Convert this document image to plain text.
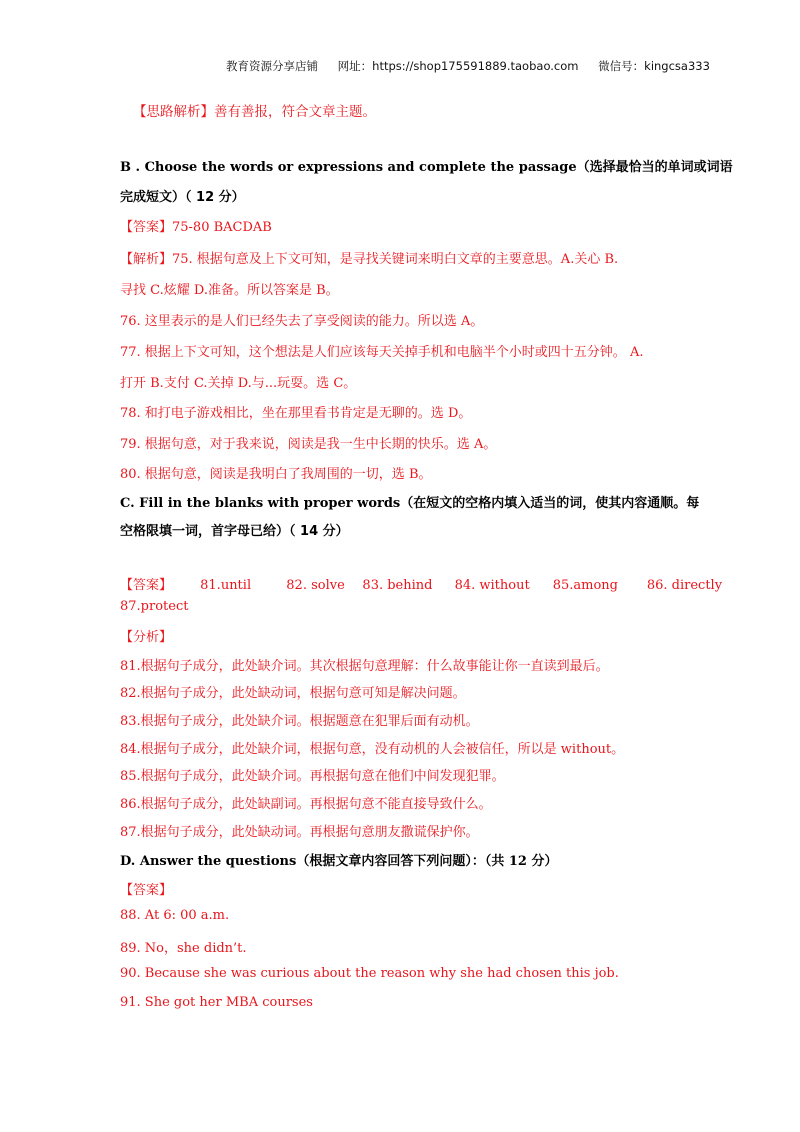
教育资源分享店铺 网址：https://shop175591889.taobao.com 微信号：kingcsa333
【思路解析】善有善报，符合文章主题。
B . Choose the words or expressions and complete the passage（选择最恰当的单词或词语
完成短文）（ 12 分）
【答案】75-80 BACDAB
【解析】75. 根据句意及上下文可知，是寻找关键词来明白文章的主要意思。A.关心 B.
寻找 C.炫耀 D.准备。所以答案是 B。
76. 这里表示的是人们已经失去了享受阅读的能力。所以选 A。
77. 根据上下文可知，这个想法是人们应该每天关掉手机和电脑半个小时或四十五分钟。 A.
打开 B.支付 C.关掉 D.与...玩耍。选 C。
78. 和打电子游戏相比，坐在那里看书肯定是无聊的。选 D。
79. 根据句意，对于我来说，阅读是我一生中长期的快乐。选 A。
80. 根据句意，阅读是我明白了我周围的一切，选 B。
C. Fill in the blanks with proper words（在短文的空格内填入适当的词，使其内容通顺。每
空格限填一词，首字母已给）（ 14 分）
【答案】 81.until	82. solve 83. behind 84. without 85.among 86. directly
87.protect
【分析】
81.根据句子成分，此处缺介词。其次根据句意理解：什么故事能让你一直读到最后。
82.根据句子成分，此处缺动词，根据句意可知是解决问题。
83.根据句子成分，此处缺介词。根据题意在犯罪后面有动机。
84.根据句子成分，此处缺介词，根据句意，没有动机的人会被信任，所以是 without。
85.根据句子成分，此处缺介词。再根据句意在他们中间发现犯罪。
86.根据句子成分，此处缺副词。再根据句意不能直接导致什么。
87.根据句子成分，此处缺动词。再根据句意朋友撒谎保护你。
D. Answer the questions（根据文章内容回答下列问题）：（共 12 分）
【答案】
88. At 6: 00 a.m.
89. No，she didn’t.
90. Because she was curious about the reason why she had chosen this job.
91. She got her MBA courses
